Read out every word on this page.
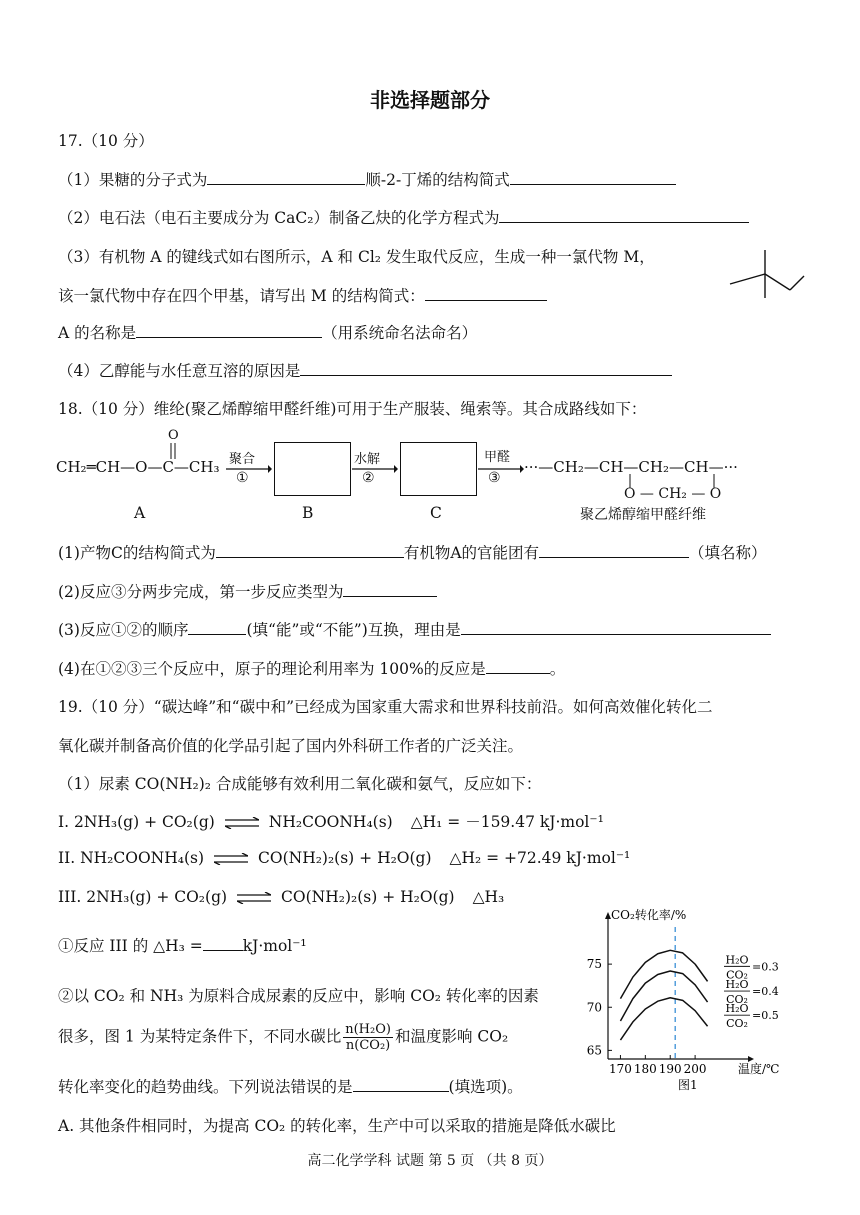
非选择题部分
17.（10 分）
（1）果糖的分子式为	顺-2-丁烯的结构简式
（2）电石法（电石主要成分为 CaC₂）制备乙炔的化学方程式为
（3）有机物 A 的键线式如右图所示，A 和 Cl₂ 发生取代反应，生成一种一氯代物 M，
该一氯代物中存在四个甲基，请写出 M 的结构简式：
A 的名称是	（用系统命名法命名）
（4）乙醇能与水任意互溶的原因是
18.（10 分）维纶(聚乙烯醇缩甲醛纤维)可用于生产服装、绳索等。其合成路线如下：
CH₂═CH—O—C—CH₃
O
聚合
①
水解
②
甲醛
③
···—CH₂—CH—CH₂—CH—···
O — CH₂ — O
A	B	C	聚乙烯醇缩甲醛纤维
(1)产物C的结构简式为	有机物A的官能团有	（填名称）
(2)反应③分两步完成，第一步反应类型为
(3)反应①②的顺序	(填“能”或“不能”)互换，理由是
(4)在①②③三个反应中，原子的理论利用率为 100%的反应是	。
19.（10 分）“碳达峰”和“碳中和”已经成为国家重大需求和世界科技前沿。如何高效催化转化二
氧化碳并制备高价值的化学品引起了国内外科研工作者的广泛关注。
（1）尿素 CO(NH₂)₂ 合成能够有效利用二氧化碳和氨气，反应如下：
I. 2NH₃(g) + CO₂(g) ⇌ NH₂COONH₄(s) △H₁ = －159.47 kJ·mol⁻¹
II. NH₂COONH₄(s) ⇌ CO(NH₂)₂(s) + H₂O(g) △H₂ = +72.49 kJ·mol⁻¹
III. 2NH₃(g) + CO₂(g) ⇌ CO(NH₂)₂(s) + H₂O(g) △H₃
①反应 III 的 △H₃ =	kJ·mol⁻¹
②以 CO₂ 和 NH₃ 为原料合成尿素的反应中，影响 CO₂ 转化率的因素
很多，图 1 为某特定条件下，不同水碳比 $\frac{\text{n(H₂O)}}{\text{n(CO₂)}}$ 和温度影响 CO₂
转化率变化的趋势曲线。下列说法错误的是	(填选项)。
A. 其他条件相同时，为提高 CO₂ 的转化率，生产中可以采取的措施是降低水碳比
CO₂转化率/%
温度/℃
图1
65
70
75
170 180 190 200
H₂O
CO₂
=0.3
H₂O
CO₂
=0.4
H₂O
CO₂
=0.5
高二化学学科 试题 第 5 页 （共 8 页）
